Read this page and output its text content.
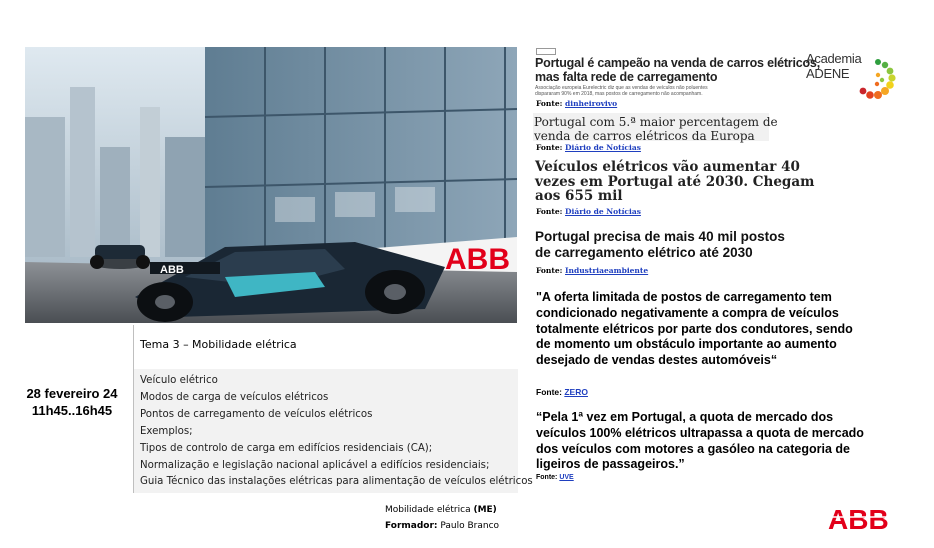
ABB
ABB
28 fevereiro 24
11h45..16h45
Tema 3 – Mobilidade elétrica
Veículo elétrico
Modos de carga de veículos elétricos
Pontos de carregamento de veículos elétricos
Exemplos;
Tipos de controlo de carga em edifícios residenciais (CA);
Normalização e legislação nacional aplicável a edifícios residenciais;
Guia Técnico das instalações elétricas para alimentação de veículos elétricos
Mobilidade elétrica (ME)
Formador: Paulo Branco
Portugal é campeão na venda de carros elétricos,
mas falta rede de carregamento
Associação europeia Eurelectric diz que as vendas de veículos não poluentes
dispararam 90% em 2018, mas postos de carregamento não acompanham.
Fonte: dinheirovivo
Portugal com 5.ª maior percentagem de
venda de carros elétricos da Europa
Fonte: Diário de Notícias
Veículos elétricos vão aumentar 40
vezes em Portugal até 2030. Chegam
aos 655 mil
Fonte: Diário de Notícias
Portugal precisa de mais 40 mil postos
de carregamento elétrico até 2030
Fonte: Industriaeambiente
"A oferta limitada de postos de carregamento tem condicionado negativamente a compra de veículos totalmente elétricos por parte dos condutores, sendo de momento um obstáculo importante ao aumento desejado de vendas destes automóveis“
Fonte: ZERO
“Pela 1ª vez em Portugal, a quota de mercado dos veículos 100% elétricos ultrapassa a quota de mercado dos veículos com motores a gasóleo na categoria de ligeiros de passageiros.”
Fonte: UVE
Academia
ADENE
ABB
